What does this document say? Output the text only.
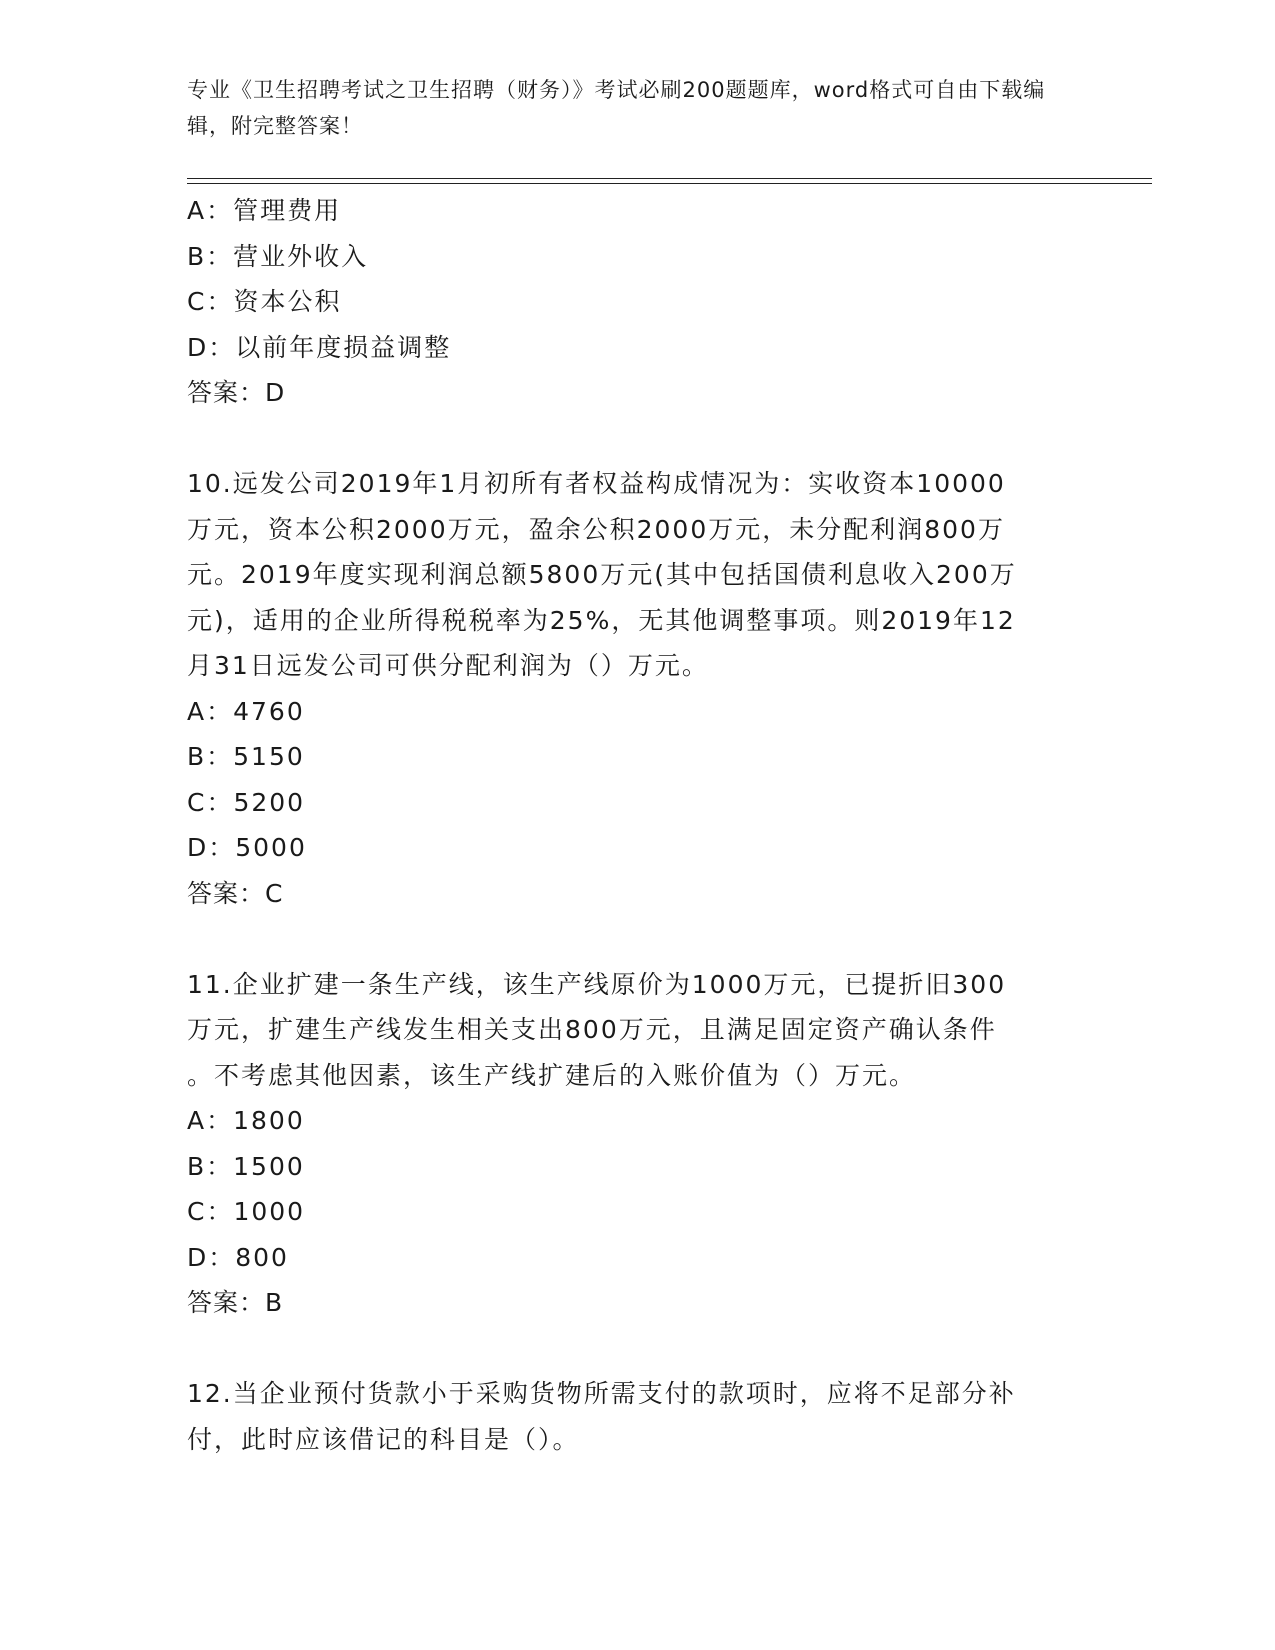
专业《卫生招聘考试之卫生招聘（财务）》考试必刷200题题库，word格式可自由下载编辑，附完整答案！
A：管理费用
B：营业外收入
C：资本公积
D：以前年度损益调整
答案：D
10.远发公司2019年1月初所有者权益构成情况为：实收资本10000
万元，资本公积2000万元，盈余公积2000万元，未分配利润800万
元。2019年度实现利润总额5800万元(其中包括国债利息收入200万
元)，适用的企业所得税税率为25%，无其他调整事项。则2019年12
月31日远发公司可供分配利润为（）万元。
A：4760
B：5150
C：5200
D：5000
答案：C
11.企业扩建一条生产线，该生产线原价为1000万元，已提折旧300
万元，扩建生产线发生相关支出800万元，且满足固定资产确认条件
。不考虑其他因素，该生产线扩建后的入账价值为（）万元。
A：1800
B：1500
C：1000
D：800
答案：B
12.当企业预付货款小于采购货物所需支付的款项时，应将不足部分补
付，此时应该借记的科目是（）。
